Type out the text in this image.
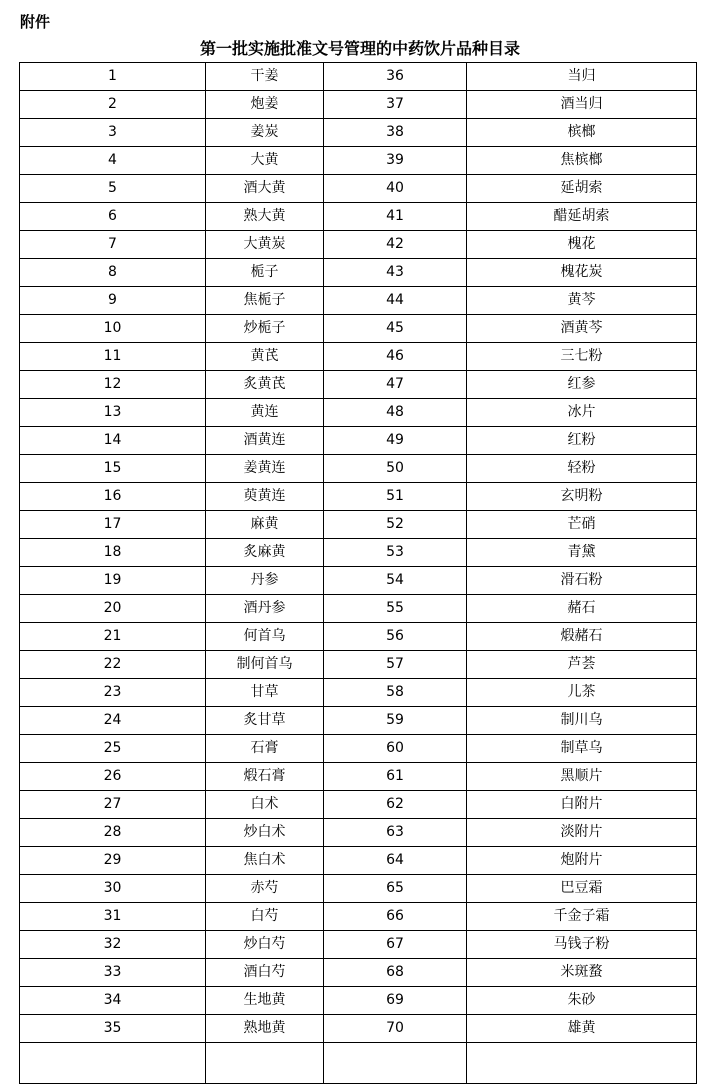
附件
第一批实施批准文号管理的中药饮片品种目录
1	干姜	36	当归
2	炮姜	37	酒当归
3	姜炭	38	槟榔
4	大黄	39	焦槟榔
5	酒大黄	40	延胡索
6	熟大黄	41	醋延胡索
7	大黄炭	42	槐花
8	栀子	43	槐花炭
9	焦栀子	44	黄芩
10	炒栀子	45	酒黄芩
11	黄芪	46	三七粉
12	炙黄芪	47	红参
13	黄连	48	冰片
14	酒黄连	49	红粉
15	姜黄连	50	轻粉
16	萸黄连	51	玄明粉
17	麻黄	52	芒硝
18	炙麻黄	53	青黛
19	丹参	54	滑石粉
20	酒丹参	55	赭石
21	何首乌	56	煅赭石
22	制何首乌	57	芦荟
23	甘草	58	儿茶
24	炙甘草	59	制川乌
25	石膏	60	制草乌
26	煅石膏	61	黑顺片
27	白术	62	白附片
28	炒白术	63	淡附片
29	焦白术	64	炮附片
30	赤芍	65	巴豆霜
31	白芍	66	千金子霜
32	炒白芍	67	马钱子粉
33	酒白芍	68	米斑蝥
34	生地黄	69	朱砂
35	熟地黄	70	雄黄
